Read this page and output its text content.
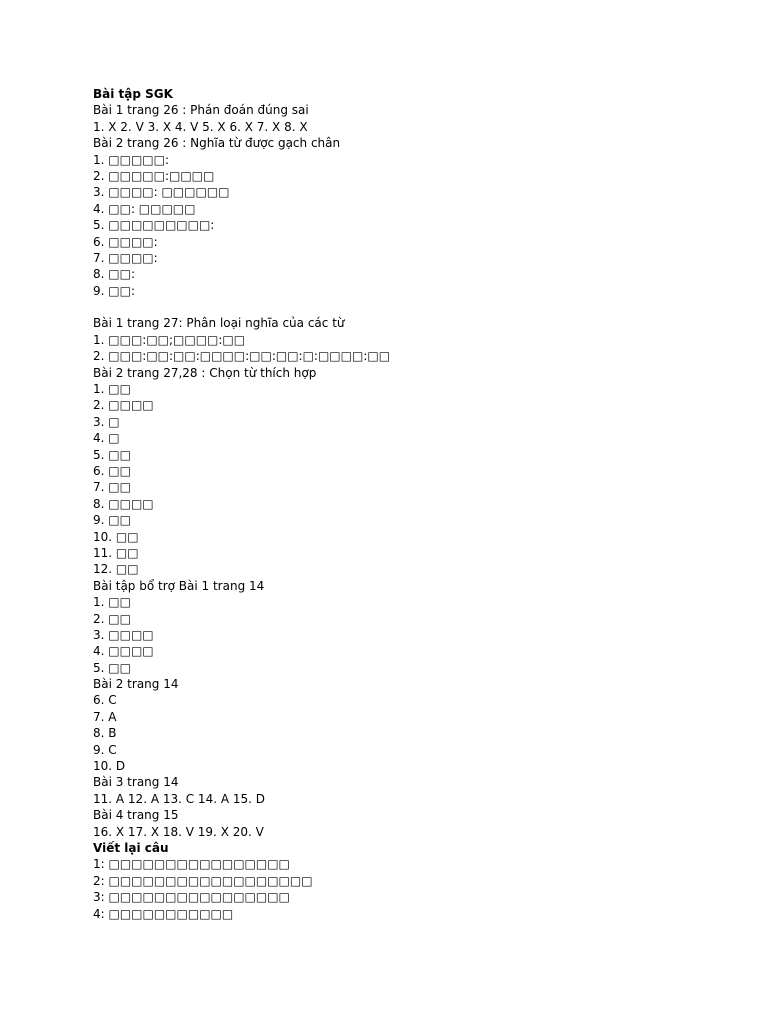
Bài tập SGK
Bài 1 trang 26 : Phán đoán đúng sai
1. X 2. V 3. X 4. V 5. X 6. X 7. X 8. X
Bài 2 trang 26 : Nghĩa từ được gạch chân
1. □□□□□:
2. □□□□□:□□□□
3. □□□□: □□□□□□
4. □□: □□□□□
5. □□□□□□□□□:
6. □□□□:
7. □□□□:
8. □□:
9. □□:
Bài 1 trang 27: Phân loại nghĩa của các từ
1. □□□:□□;□□□□:□□
2. □□□:□□:□□:□□□□:□□:□□:□:□□□□:□□
Bài 2 trang 27,28 : Chọn từ thích hợp
1. □□
2. □□□□
3. □
4. □
5. □□
6. □□
7. □□
8. □□□□
9. □□
10. □□
11. □□
12. □□
Bài tập bổ trợ Bài 1 trang 14
1. □□
2. □□
3. □□□□
4. □□□□
5. □□
Bài 2 trang 14
6. C
7. A
8. B
9. C
10. D
Bài 3 trang 14
11. A 12. A 13. C 14. A 15. D
Bài 4 trang 15
16. X 17. X 18. V 19. X 20. V
Viết lại câu
1: □□□□□□□□□□□□□□□□
2: □□□□□□□□□□□□□□□□□□
3: □□□□□□□□□□□□□□□□
4: □□□□□□□□□□□
